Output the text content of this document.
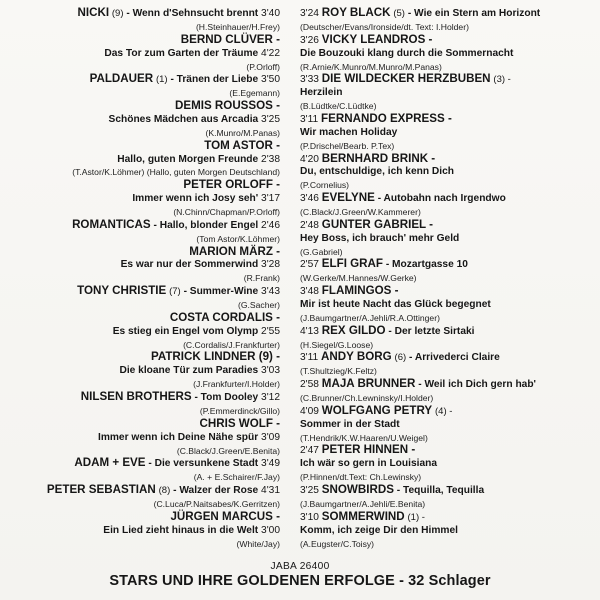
NICKI (9) - Wenn d'Sehnsucht brennt 3'40
(H.Steinhauer/H.Frey)
BERND CLÜVER -
Das Tor zum Garten der Träume 4'22
(P.Orloff)
PALDAUER (1) - Tränen der Liebe 3'50
(E.Egemann)
DEMIS ROUSSOS -
Schönes Mädchen aus Arcadia 3'25
(K.Munro/M.Panas)
TOM ASTOR -
Hallo, guten Morgen Freunde 2'38
(T.Astor/K.Löhmer) (Hallo, guten Morgen Deutschland)
PETER ORLOFF -
Immer wenn ich Josy seh' 3'17
(N.Chinn/Chapman/P.Orloff)
ROMANTICAS - Hallo, blonder Engel 2'46
(Tom Astor/K.Löhmer)
MARION MÄRZ -
Es war nur der Sommerwind 3'28
(R.Frank)
TONY CHRISTIE (7) - Summer-Wine 3'43
(G.Sacher)
COSTA CORDALIS -
Es stieg ein Engel vom Olymp 2'55
(C.Cordalis/J.Frankfurter)
PATRICK LINDNER (9) -
Die kloane Tür zum Paradies 3'03
(J.Frankfurter/I.Holder)
NILSEN BROTHERS - Tom Dooley 3'12
(P.Emmerdinck/Gillo)
CHRIS WOLF -
Immer wenn ich Deine Nähe spür 3'09
(C.Black/J.Green/E.Benita)
ADAM + EVE - Die versunkene Stadt 3'49
(A. + E.Schairer/F.Jay)
PETER SEBASTIAN (8) - Walzer der Rose 4'31
(C.Luca/P.Naitsabes/K.Gerritzen)
JÜRGEN MARCUS -
Ein Lied zieht hinaus in die Welt 3'00
(White/Jay)
3'24 ROY BLACK (5) - Wie ein Stern am Horizont
(Deutscher/Evans/Ironside/dt. Text: I.Holder)
3'26 VICKY LEANDROS -
Die Bouzouki klang durch die Sommernacht
(R.Arnie/K.Munro/M.Munro/M.Panas)
3'33 DIE WILDECKER HERZBUBEN (3) -
Herzilein
(B.Lüdtke/C.Lüdtke)
3'11 FERNANDO EXPRESS -
Wir machen Holiday
(P.Drischel/Bearb. P.Tex)
4'20 BERNHARD BRINK -
Du, entschuldige, ich kenn Dich
(P.Cornelius)
3'46 EVELYNE - Autobahn nach Irgendwo
(C.Black/J.Green/W.Kammerer)
2'48 GUNTER GABRIEL -
Hey Boss, ich brauch' mehr Geld
(G.Gabriel)
2'57 ELFI GRAF - Mozartgasse 10
(W.Gerke/M.Hannes/W.Gerke)
3'48 FLAMINGOS -
Mir ist heute Nacht das Glück begegnet
(J.Baumgartner/A.Jehli/R.A.Ottinger)
4'13 REX GILDO - Der letzte Sirtaki
(H.Siegel/G.Loose)
3'11 ANDY BORG (6) - Arrivederci Claire
(T.Shultzieg/K.Feltz)
2'58 MAJA BRUNNER - Weil ich Dich gern hab'
(C.Brunner/Ch.Lewninsky/I.Holder)
4'09 WOLFGANG PETRY (4) -
Sommer in der Stadt
(T.Hendrik/K.W.Haaren/U.Weigel)
2'47 PETER HINNEN -
Ich wär so gern in Louisiana
(P.Hinnen/dt.Text: Ch.Lewinsky)
3'25 SNOWBIRDS - Tequilla, Tequilla
(J.Baumgartner/A.Jehli/E.Benita)
3'10 SOMMERWIND (1) -
Komm, ich zeige Dir den Himmel
(A.Eugster/C.Toisy)
JABA 26400
STARS UND IHRE GOLDENEN ERFOLGE - 32 Schlager
